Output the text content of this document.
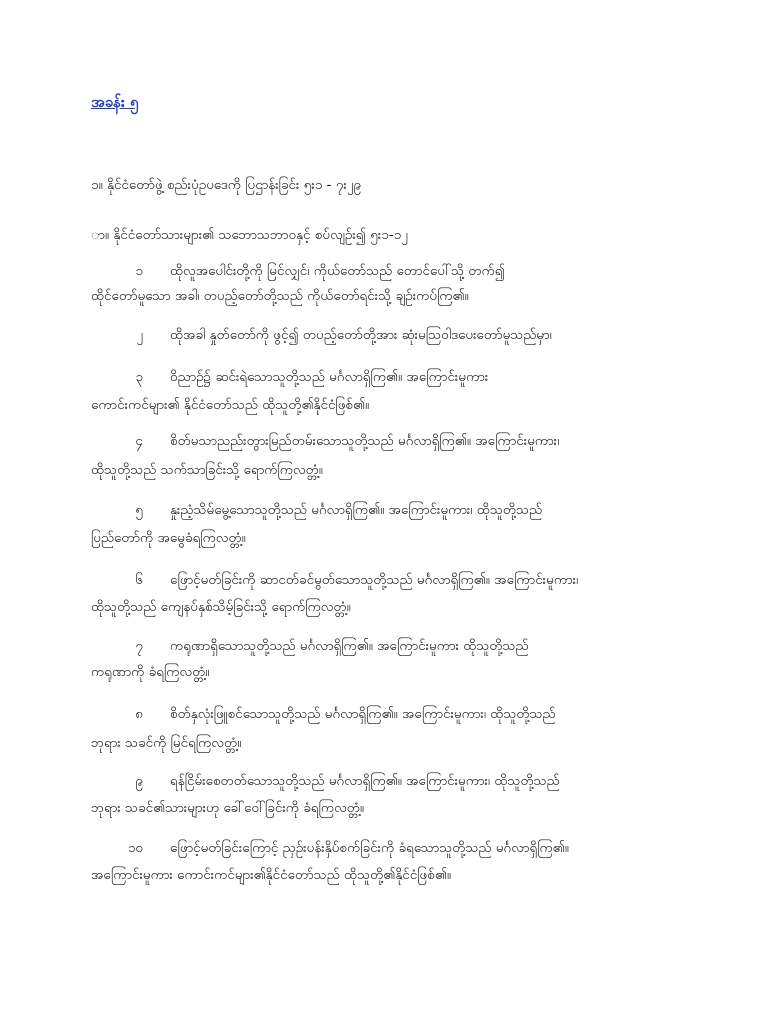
အခန်း ၅
၁။ နိုင်ငံတော်ဖွဲ့ စည်းပုံဥပဒေကို ပြဌာန်းခြင်း ၅း၁ - ၇း၂၉
ာ။ နိုင်ငံတော်သားများ၏ သဘောသဘာဝနှင့် စပ်လျဉ်း၍ ၅း၁-၁၂
၁ ထိုလူအပေါင်းတို့ကို မြင်လျှင်၊ ကိုယ်တော်သည် တောင်ပေါ်သို့ တက်၍
ထိုင်တော်မူသော အခါ၊ တပည့်တော်တို့သည် ကိုယ်တော်ရင်းသို့ ချဉ်းကပ်ကြ၏။
၂ ထိုအခါ နှုတ်တော်ကို ဖွင့်၍ တပည့်တော်တို့အား ဆုံးမသြဝါဒပေးတော်မူသည်မှာ၊
၃ ဝိညာဉ်၌ ဆင်းရဲသောသူတို့သည် မင်္ဂလာရှိကြ၏။ အကြောင်းမူကား
ကောင်းကင်များ၏ နိုင်ငံတော်သည် ထိုသူတို့၏နိုင်ငံဖြစ်၏။
၄ စိတ်မသာညည်းတွားမြည်တမ်းသောသူတို့သည် မင်္ဂလာရှိကြ၏။ အကြောင်းမူကား၊
ထိုသူတို့သည် သက်သာခြင်းသို့ ရောက်ကြလတ္တံ့။
၅ နှုးညံ့သိမ်မွေ့သောသူတို့သည် မင်္ဂလာရှိကြ၏။ အကြောင်းမူကား၊ ထိုသူတို့သည်
ပြည်တော်ကို အမွေခံရကြလတ္တံ့။
၆ ဖြောင့်မတ်ခြင်းကို ဆာငတ်ခင်မွတ်သောသူတို့သည် မင်္ဂလာရှိကြ၏။ အကြောင်းမူကား၊
ထိုသူတို့သည် ကျေနပ်နှစ်သိမ့်ခြင်းသို့ ရောက်ကြလတ္တံ့။
၇ ကရုဏာရှိသောသူတို့သည် မင်္ဂလာရှိကြ၏။ အကြောင်းမူကား ထိုသူတို့သည်
ကရုဏာကို ခံရကြလတ္တံ့။
၈ စိတ်နှလုံးဖြူစင်သောသူတို့သည် မင်္ဂလာရှိကြ၏။ အကြောင်းမူကား၊ ထိုသူတို့သည်
ဘုရား သခင်ကို မြင်ရကြလတ္တံ့။
၉ ရန်ငြိမ်းစေတတ်သောသူတို့သည် မင်္ဂလာရှိကြ၏။ အကြောင်းမူကား၊ ထိုသူတို့သည်
ဘုရား သခင်၏သားများဟု ခေါ်ဝေါ်ခြင်းကို ခံရကြလတ္တံ့။
၁၀ ဖြောင့်မတ်ခြင်းကြောင့် ညှဉ်းပန်းနှိပ်စက်ခြင်းကို ခံရသောသူတို့သည် မင်္ဂလာရှိကြ၏။
အကြောင်းမူကား ကောင်းကင်များ၏နိုင်ငံတော်သည် ထိုသူတို့၏နိုင်ငံဖြစ်၏။
